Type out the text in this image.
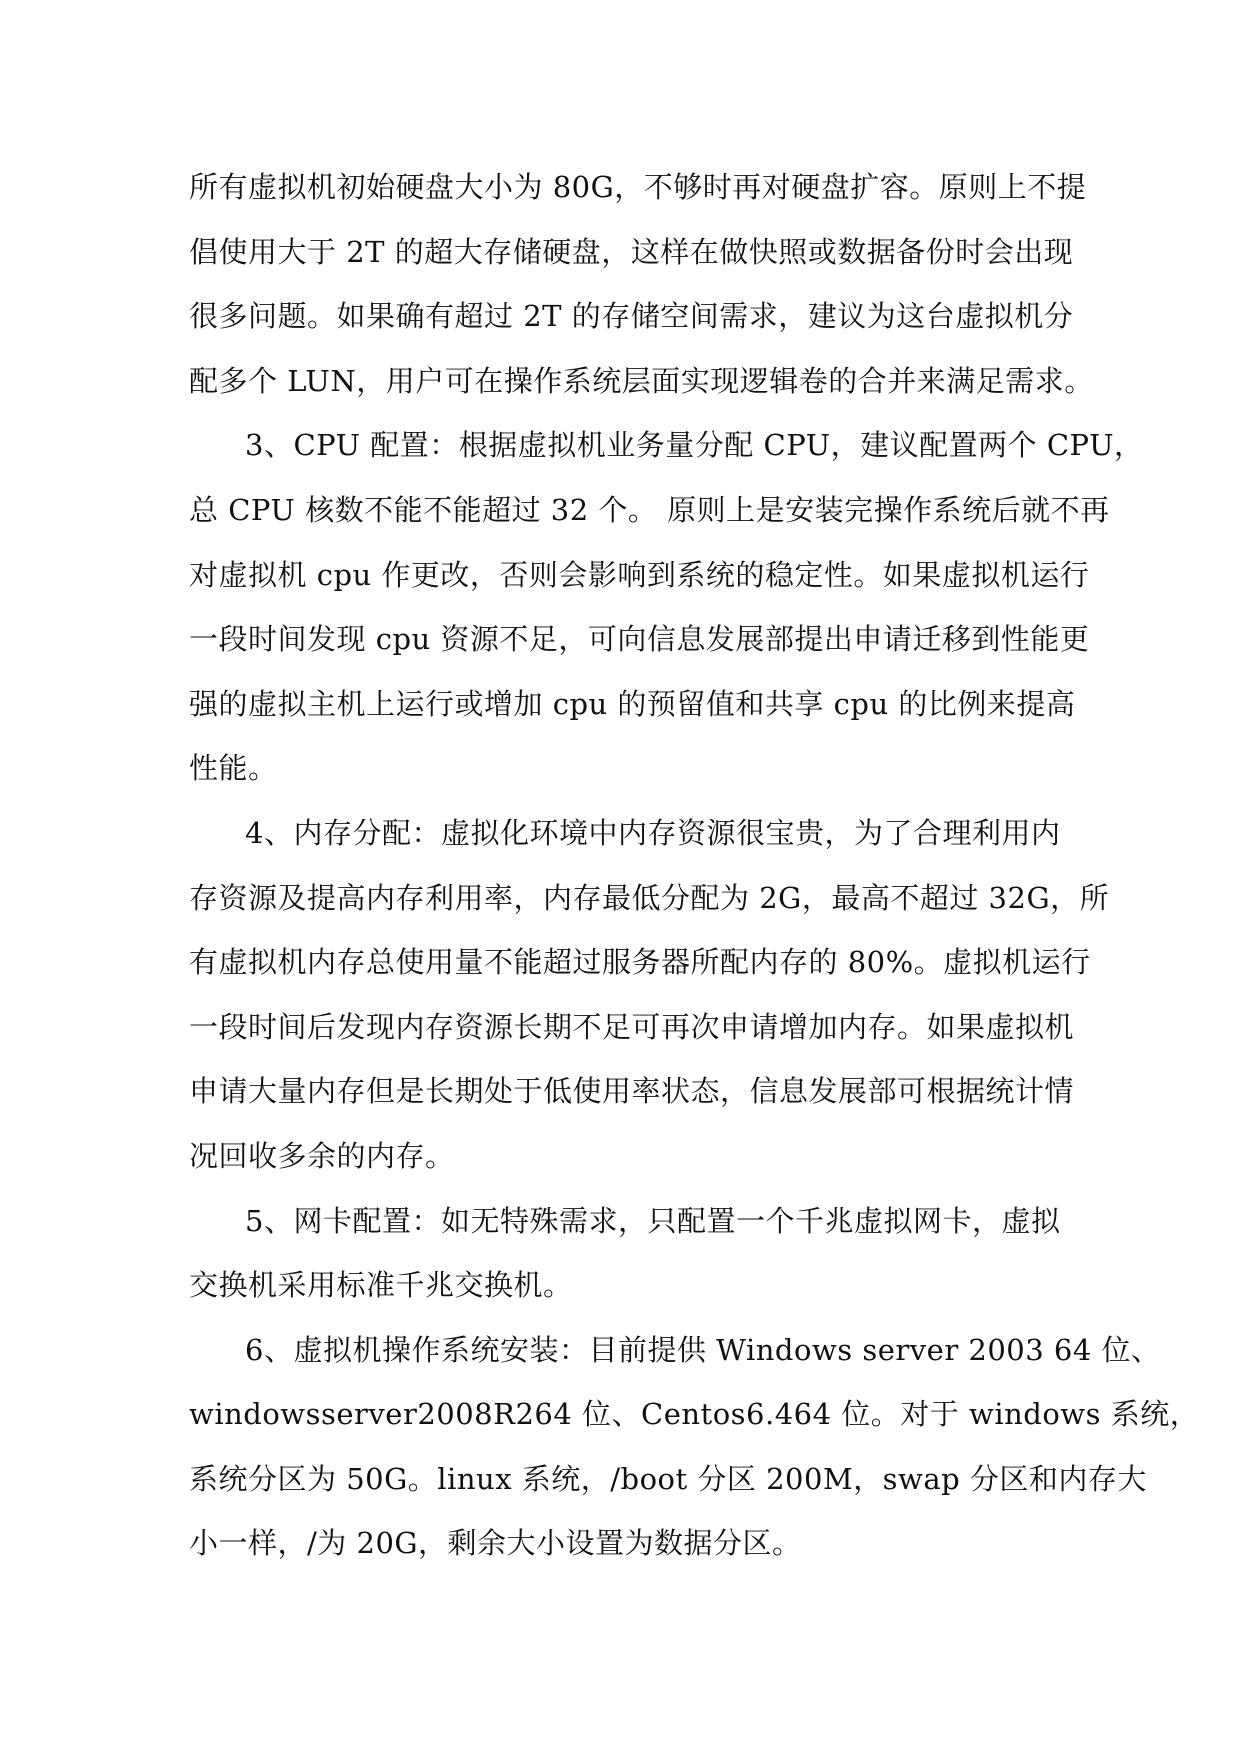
所有虚拟机初始硬盘大小为 80G，不够时再对硬盘扩容。原则上不提
倡使用大于 2T 的超大存储硬盘，这样在做快照或数据备份时会出现
很多问题。如果确有超过 2T 的存储空间需求，建议为这台虚拟机分
配多个 LUN，用户可在操作系统层面实现逻辑卷的合并来满足需求。
3、CPU 配置：根据虚拟机业务量分配 CPU，建议配置两个 CPU，
总 CPU 核数不能不能超过 32 个。 原则上是安装完操作系统后就不再
对虚拟机 cpu 作更改，否则会影响到系统的稳定性。如果虚拟机运行
一段时间发现 cpu 资源不足，可向信息发展部提出申请迁移到性能更
强的虚拟主机上运行或增加 cpu 的预留值和共享 cpu 的比例来提高
性能。
4、内存分配：虚拟化环境中内存资源很宝贵，为了合理利用内
存资源及提高内存利用率，内存最低分配为 2G，最高不超过 32G，所
有虚拟机内存总使用量不能超过服务器所配内存的 80%。虚拟机运行
一段时间后发现内存资源长期不足可再次申请增加内存。如果虚拟机
申请大量内存但是长期处于低使用率状态，信息发展部可根据统计情
况回收多余的内存。
5、网卡配置：如无特殊需求，只配置一个千兆虚拟网卡，虚拟
交换机采用标准千兆交换机。
6、虚拟机操作系统安装：目前提供 Windows server 2003 64 位、
windowsserver2008R264 位、Centos6.464 位。对于 windows 系统，
系统分区为 50G。linux 系统，/boot 分区 200M，swap 分区和内存大
小一样，/为 20G，剩余大小设置为数据分区。
